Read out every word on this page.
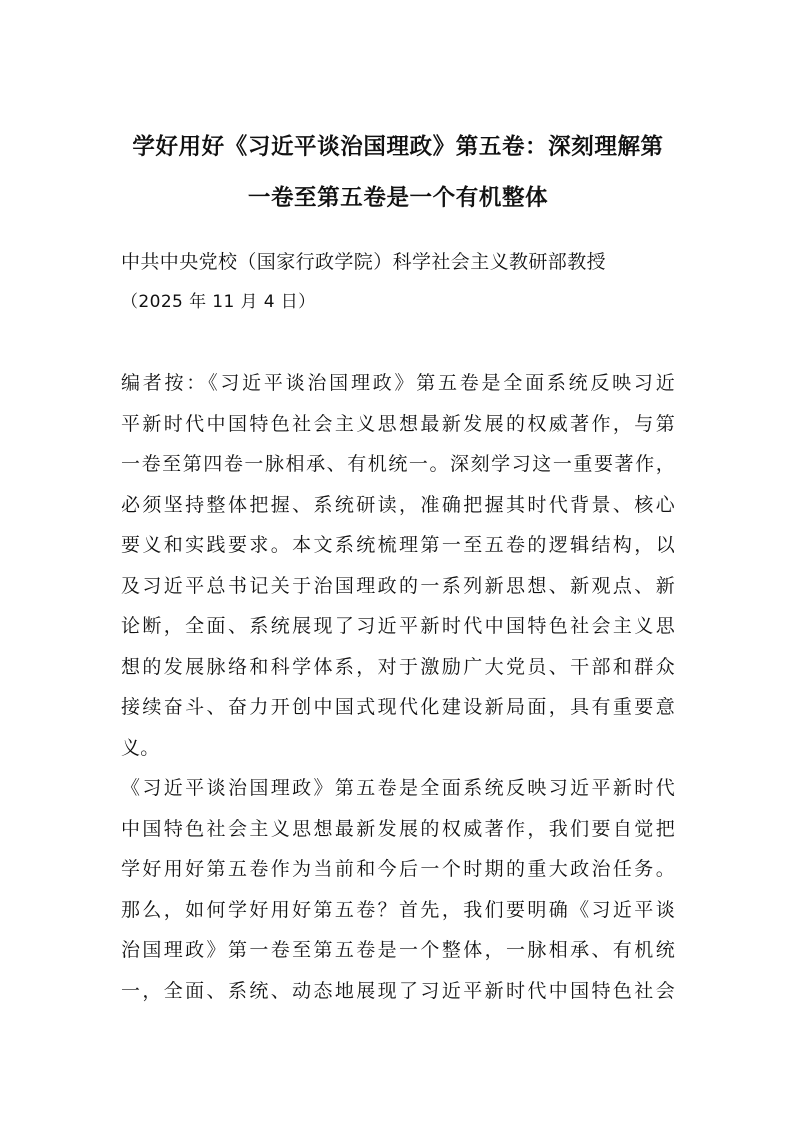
学好用好《习近平谈治国理政》第五卷：深刻理解第
一卷至第五卷是一个有机整体
中共中央党校（国家行政学院）科学社会主义教研部教授
（2025 年 11 月 4 日）
编者按：《习近平谈治国理政》第五卷是全面系统反映习近
平新时代中国特色社会主义思想最新发展的权威著作，与第
一卷至第四卷一脉相承、有机统一。深刻学习这一重要著作，
必须坚持整体把握、系统研读，准确把握其时代背景、核心
要义和实践要求。本文系统梳理第一至五卷的逻辑结构，以
及习近平总书记关于治国理政的一系列新思想、新观点、新
论断，全面、系统展现了习近平新时代中国特色社会主义思
想的发展脉络和科学体系，对于激励广大党员、干部和群众
接续奋斗、奋力开创中国式现代化建设新局面，具有重要意
义。
《习近平谈治国理政》第五卷是全面系统反映习近平新时代
中国特色社会主义思想最新发展的权威著作，我们要自觉把
学好用好第五卷作为当前和今后一个时期的重大政治任务。
那么，如何学好用好第五卷？首先，我们要明确《习近平谈
治国理政》第一卷至第五卷是一个整体，一脉相承、有机统
一，全面、系统、动态地展现了习近平新时代中国特色社会
